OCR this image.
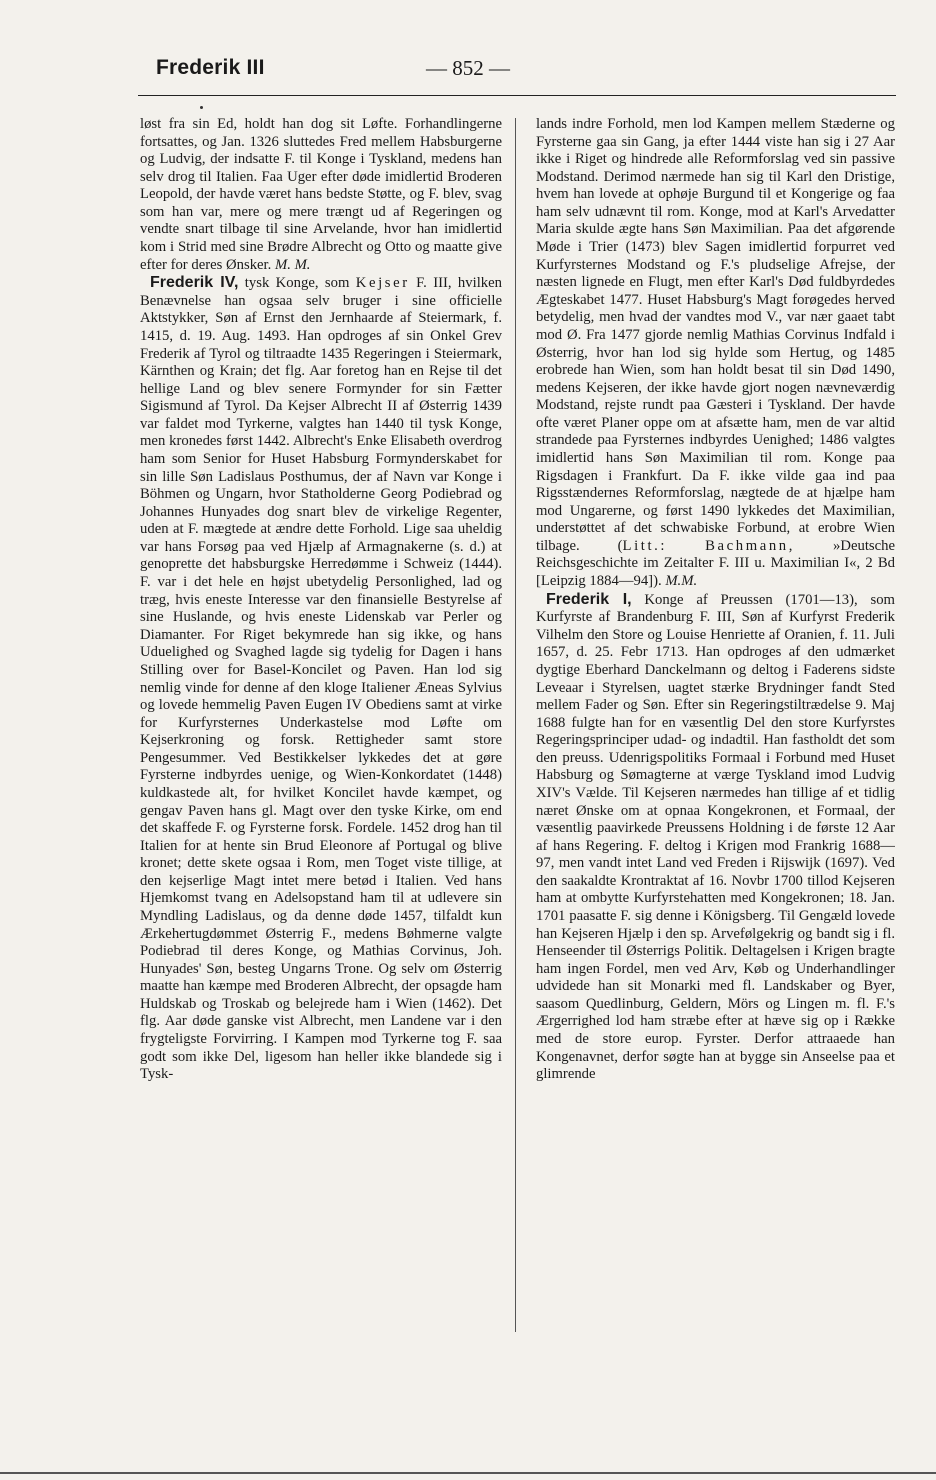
Frederik III	— 852 —

løst fra sin Ed, holdt han dog sit Løfte. Forhandlingerne fortsattes, og Jan. 1326 sluttedes Fred mellem Habsburgerne og Ludvig, der indsatte F. til Konge i Tyskland, medens han selv drog til Italien. Faa Uger efter døde imidlertid Broderen Leopold, der havde været hans bedste Støtte, og F. blev, svag som han var, mere og mere trængt ud af Regeringen og vendte snart tilbage til sine Arvelande, hvor han imidlertid kom i Strid med sine Brødre Albrecht og Otto og maatte give efter for deres Ønsker. M. M.

Frederik IV, tysk Konge, som Kejser F. III, hvilken Benævnelse han ogsaa selv bruger i sine officielle Aktstykker, Søn af Ernst den Jernhaarde af Steiermark, f. 1415, d. 19. Aug. 1493. Han opdroges af sin Onkel Grev Frederik af Tyrol og tiltraadte 1435 Regeringen i Steiermark, Kärnthen og Krain; det flg. Aar foretog han en Rejse til det hellige Land og blev senere Formynder for sin Fætter Sigismund af Tyrol. Da Kejser Albrecht II af Østerrig 1439 var faldet mod Tyrkerne, valgtes han 1440 til tysk Konge, men kronedes først 1442. Albrecht's Enke Elisabeth overdrog ham som Senior for Huset Habsburg Formynderskabet for sin lille Søn Ladislaus Posthumus, der af Navn var Konge i Böhmen og Ungarn, hvor Statholderne Georg Podiebrad og Johannes Hunyades dog snart blev de virkelige Regenter, uden at F. mægtede at ændre dette Forhold. Lige saa uheldig var hans Forsøg paa ved Hjælp af Armagnakerne (s. d.) at genoprette det habsburgske Herredømme i Schweiz (1444). F. var i det hele en højst ubetydelig Personlighed, lad og træg, hvis eneste Interesse var den finansielle Bestyrelse af sine Huslande, og hvis eneste Lidenskab var Perler og Diamanter. For Riget bekymrede han sig ikke, og hans Uduelighed og Svaghed lagde sig tydelig for Dagen i hans Stilling over for Basel-Koncilet og Paven. Han lod sig nemlig vinde for denne af den kloge Italiener Æneas Sylvius og lovede hemmelig Paven Eugen IV Obediens samt at virke for Kurfyrsternes Underkastelse mod Løfte om Kejserkroning og forsk. Rettigheder samt store Pengesummer. Ved Bestikkelser lykkedes det at gøre Fyrsterne indbyrdes uenige, og Wien-Konkordatet (1448) kuldkastede alt, for hvilket Koncilet havde kæmpet, og gengav Paven hans gl. Magt over den tyske Kirke, om end det skaffede F. og Fyrsterne forsk. Fordele. 1452 drog han til Italien for at hente sin Brud Eleonore af Portugal og blive kronet; dette skete ogsaa i Rom, men Toget viste tillige, at den kejserlige Magt intet mere betød i Italien. Ved hans Hjemkomst tvang en Adelsopstand ham til at udlevere sin Myndling Ladislaus, og da denne døde 1457, tilfaldt kun Ærkehertugdømmet Østerrig F., medens Bøhmerne valgte Podiebrad til deres Konge, og Mathias Corvinus, Joh. Hunyades' Søn, besteg Ungarns Trone. Og selv om Østerrig maatte han kæmpe med Broderen Albrecht, der opsagde ham Huldskab og Troskab og belejrede ham i Wien (1462). Det flg. Aar døde ganske vist Albrecht, men Landene var i den frygteligste Forvirring. I Kampen mod Tyrkerne tog F. saa godt som ikke Del, ligesom han heller ikke blandede sig i Tysk-

lands indre Forhold, men lod Kampen mellem Stæderne og Fyrsterne gaa sin Gang, ja efter 1444 viste han sig i 27 Aar ikke i Riget og hindrede alle Reformforslag ved sin passive Modstand. Derimod nærmede han sig til Karl den Dristige, hvem han lovede at ophøje Burgund til et Kongerige og faa ham selv udnævnt til rom. Konge, mod at Karl's Arvedatter Maria skulde ægte hans Søn Maximilian. Paa det afgørende Møde i Trier (1473) blev Sagen imidlertid forpurret ved Kurfyrsternes Modstand og F.'s pludselige Afrejse, der næsten lignede en Flugt, men efter Karl's Død fuldbyrdedes Ægteskabet 1477. Huset Habsburg's Magt forøgedes herved betydelig, men hvad der vandtes mod V., var nær gaaet tabt mod Ø. Fra 1477 gjorde nemlig Mathias Corvinus Indfald i Østerrig, hvor han lod sig hylde som Hertug, og 1485 erobrede han Wien, som han holdt besat til sin Død 1490, medens Kejseren, der ikke havde gjort nogen nævneværdig Modstand, rejste rundt paa Gæsteri i Tyskland. Der havde ofte været Planer oppe om at afsætte ham, men de var altid strandede paa Fyrsternes indbyrdes Uenighed; 1486 valgtes imidlertid hans Søn Maximilian til rom. Konge paa Rigsdagen i Frankfurt. Da F. ikke vilde gaa ind paa Rigsstændernes Reformforslag, nægtede de at hjælpe ham mod Ungarerne, og først 1490 lykkedes det Maximilian, understøttet af det schwabiske Forbund, at erobre Wien tilbage. (Litt.:	Bachmann, »Deutsche Reichsgeschichte im Zeitalter F. III u. Maximilian I«, 2 Bd [Leipzig 1884—94]). M.M.

Frederik I, Konge af Preussen (1701—13), som Kurfyrste af Brandenburg F. III, Søn af Kurfyrst Frederik Vilhelm den Store og Louise Henriette af Oranien, f. 11. Juli 1657, d. 25. Febr 1713. Han opdroges af den udmærket dygtige Eberhard Danckelmann og deltog i Faderens sidste Leveaar i Styrelsen, uagtet stærke Brydninger fandt Sted mellem Fader og Søn. Efter sin Regeringstiltrædelse 9. Maj 1688 fulgte han for en væsentlig Del den store Kurfyrstes Regeringsprinciper udad- og indadtil. Han fastholdt det som den preuss. Udenrigspolitiks Formaal i Forbund med Huset Habsburg og Sømagterne at værge Tyskland imod Ludvig XIV's Vælde. Til Kejseren nærmedes han tillige af et tidlig næret Ønske om at opnaa Kongekronen, et Formaal, der væsentlig paavirkede Preussens Holdning i de første 12 Aar af hans Regering. F. deltog i Krigen mod Frankrig 1688—97, men vandt intet Land ved Freden i Rijswijk (1697). Ved den saakaldte Krontraktat af 16. Novbr 1700 tillod Kejseren ham at ombytte Kurfyrstehatten med Kongekronen; 18. Jan. 1701 paasatte F. sig denne i Königsberg. Til Gengæld lovede han Kejseren Hjælp i den sp. Arvefølgekrig og bandt sig i fl. Henseender til Østerrigs Politik. Deltagelsen i Krigen bragte ham ingen Fordel, men ved Arv, Køb og Underhandlinger udvidede han sit Monarki med fl. Landskaber og Byer, saasom Quedlinburg, Geldern, Mörs og Lingen m. fl. F.'s Ærgerrighed lod ham stræbe efter at hæve sig op i Række med de store europ. Fyrster. Derfor attraaede han Kongenavnet, derfor søgte han at bygge sin Anseelse paa et glimrende
